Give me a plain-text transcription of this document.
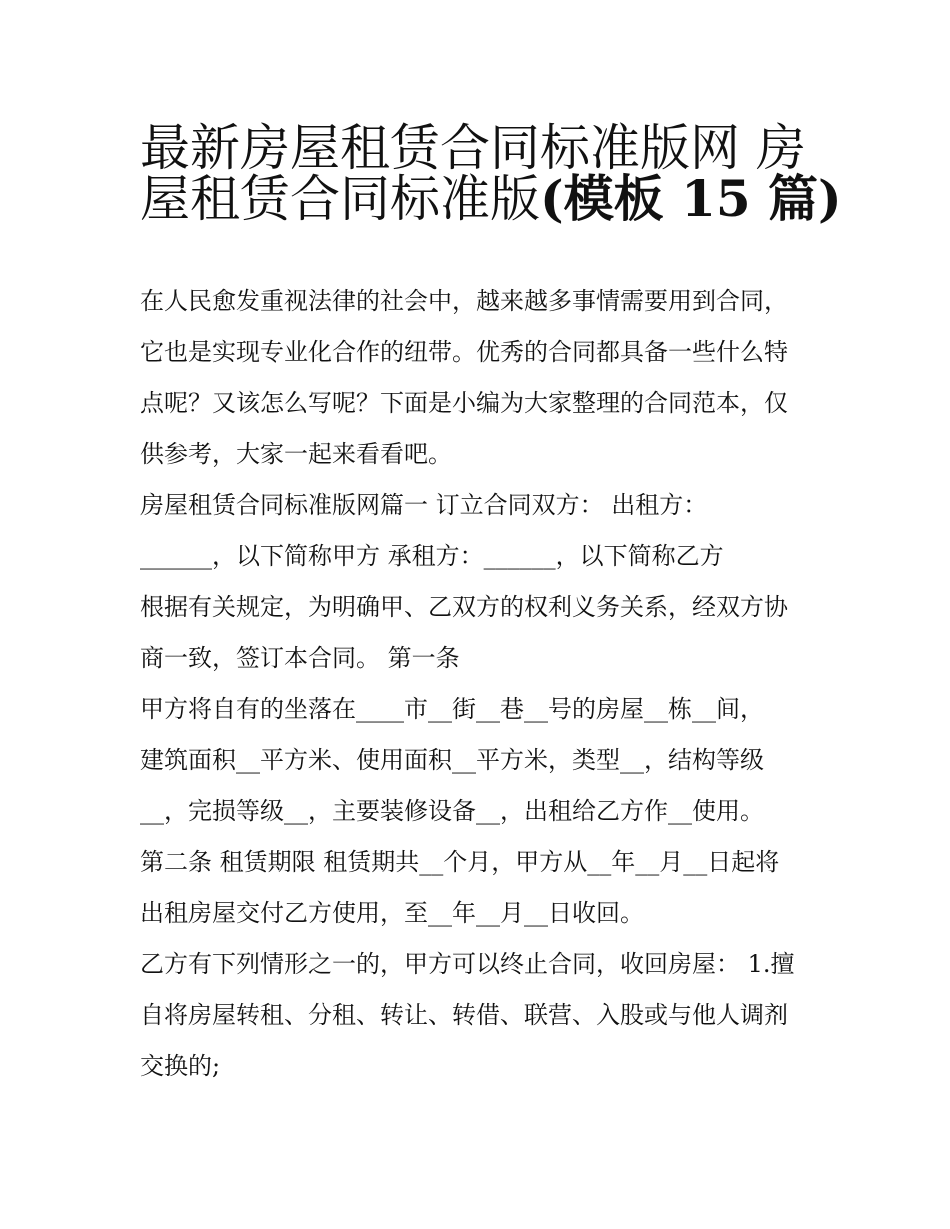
最新房屋租赁合同标准版网 房
屋租赁合同标准版(模板 15 篇)
在人民愈发重视法律的社会中，越来越多事情需要用到合同，
它也是实现专业化合作的纽带。优秀的合同都具备一些什么特
点呢？又该怎么写呢？下面是小编为大家整理的合同范本，仅
供参考，大家一起来看看吧。
房屋租赁合同标准版网篇一 订立合同双方： 出租方：
______，以下简称甲方 承租方：______，以下简称乙方
根据有关规定，为明确甲、乙双方的权利义务关系，经双方协
商一致，签订本合同。 第一条
甲方将自有的坐落在____市__街__巷__号的房屋__栋__间，
建筑面积__平方米、使用面积__平方米，类型__，结构等级
__，完损等级__，主要装修设备__，出租给乙方作__使用。
第二条 租赁期限 租赁期共__个月，甲方从__年__月__日起将
出租房屋交付乙方使用，至__年__月__日收回。
乙方有下列情形之一的，甲方可以终止合同，收回房屋： 1.擅
自将房屋转租、分租、转让、转借、联营、入股或与他人调剂
交换的;
